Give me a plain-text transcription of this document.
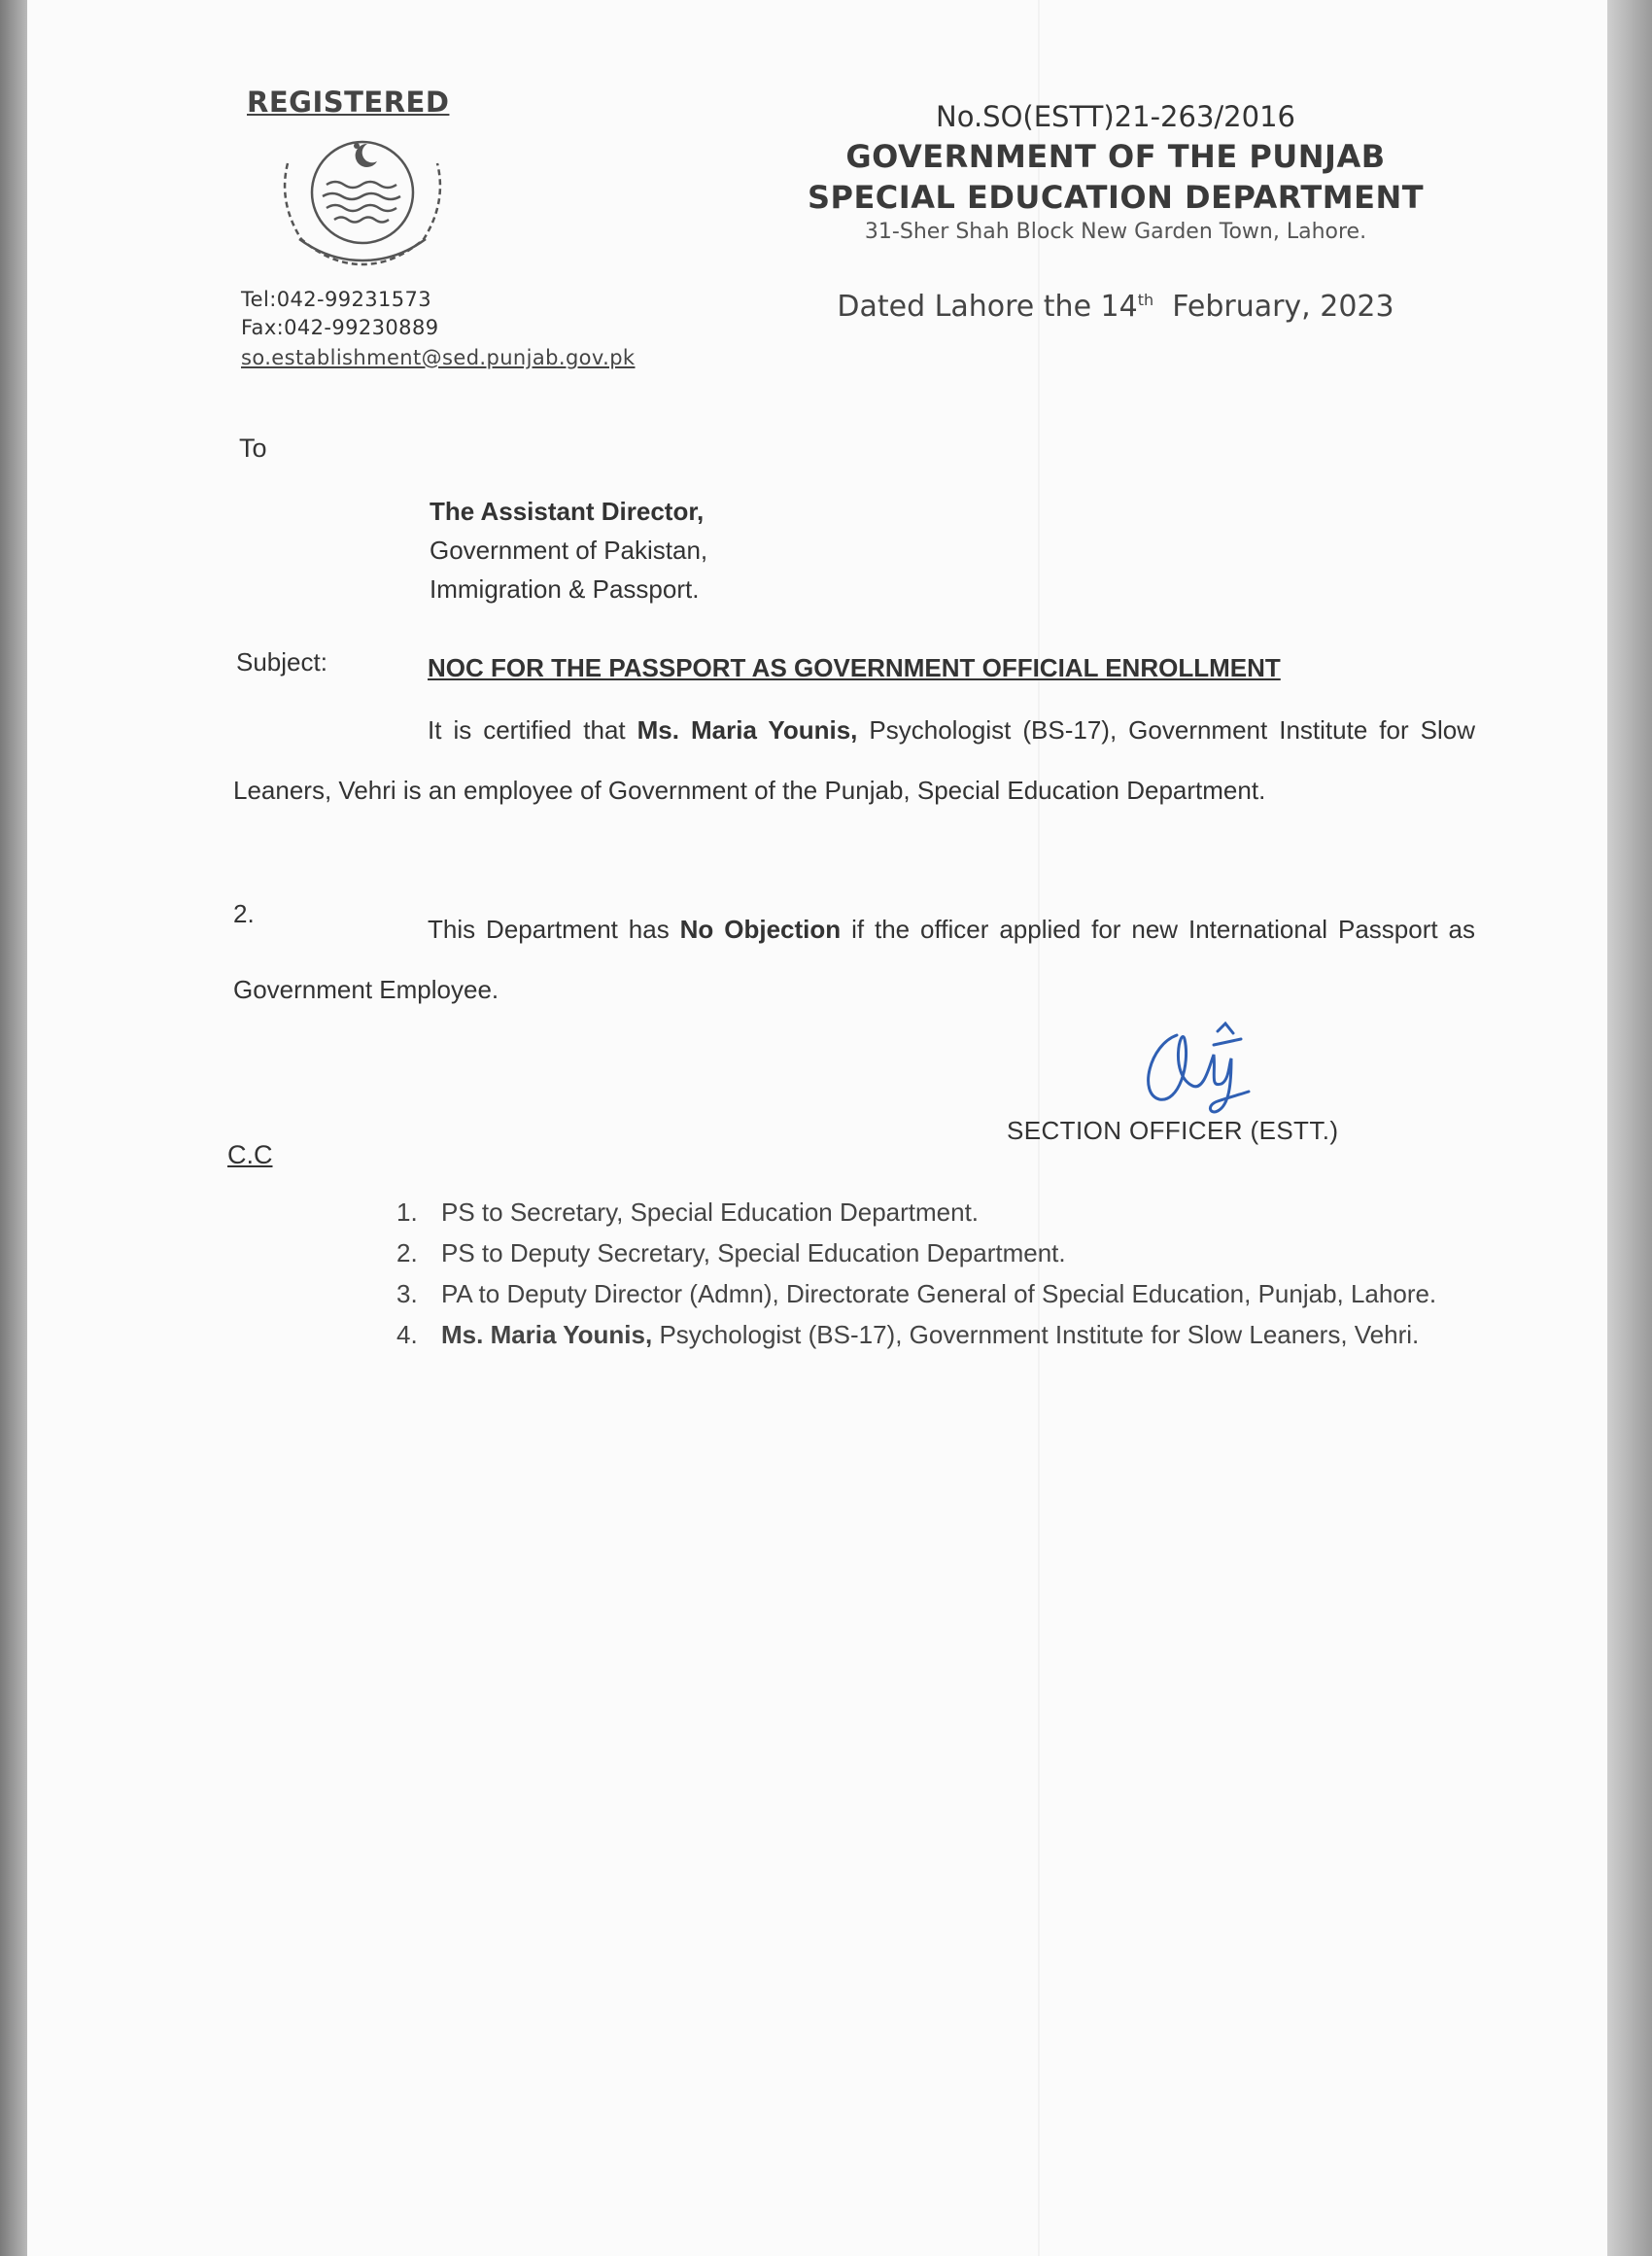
REGISTERED
Tel:042-99231573
Fax:042-99230889
so.establishment@sed.punjab.gov.pk
No.SO(ESTT)21-263/2016
GOVERNMENT OF THE PUNJAB
SPECIAL EDUCATION DEPARTMENT
31-Sher Shah Block New Garden Town, Lahore.
Dated Lahore the 14th February, 2023
To
The Assistant Director,
Government of Pakistan,
Immigration & Passport.
Subject:	NOC FOR THE PASSPORT AS GOVERNMENT OFFICIAL ENROLLMENT
It is certified that Ms. Maria Younis, Psychologist (BS-17), Government Institute for Slow Leaners, Vehri is an employee of Government of the Punjab, Special Education Department.
2.
This Department has No Objection if the officer applied for new International Passport as Government Employee.
SECTION OFFICER (ESTT.)
C.C
1. PS to Secretary, Special Education Department.
2. PS to Deputy Secretary, Special Education Department.
3. PA to Deputy Director (Admn), Directorate General of Special Education, Punjab, Lahore.
4. Ms. Maria Younis, Psychologist (BS-17), Government Institute for Slow Leaners, Vehri.
